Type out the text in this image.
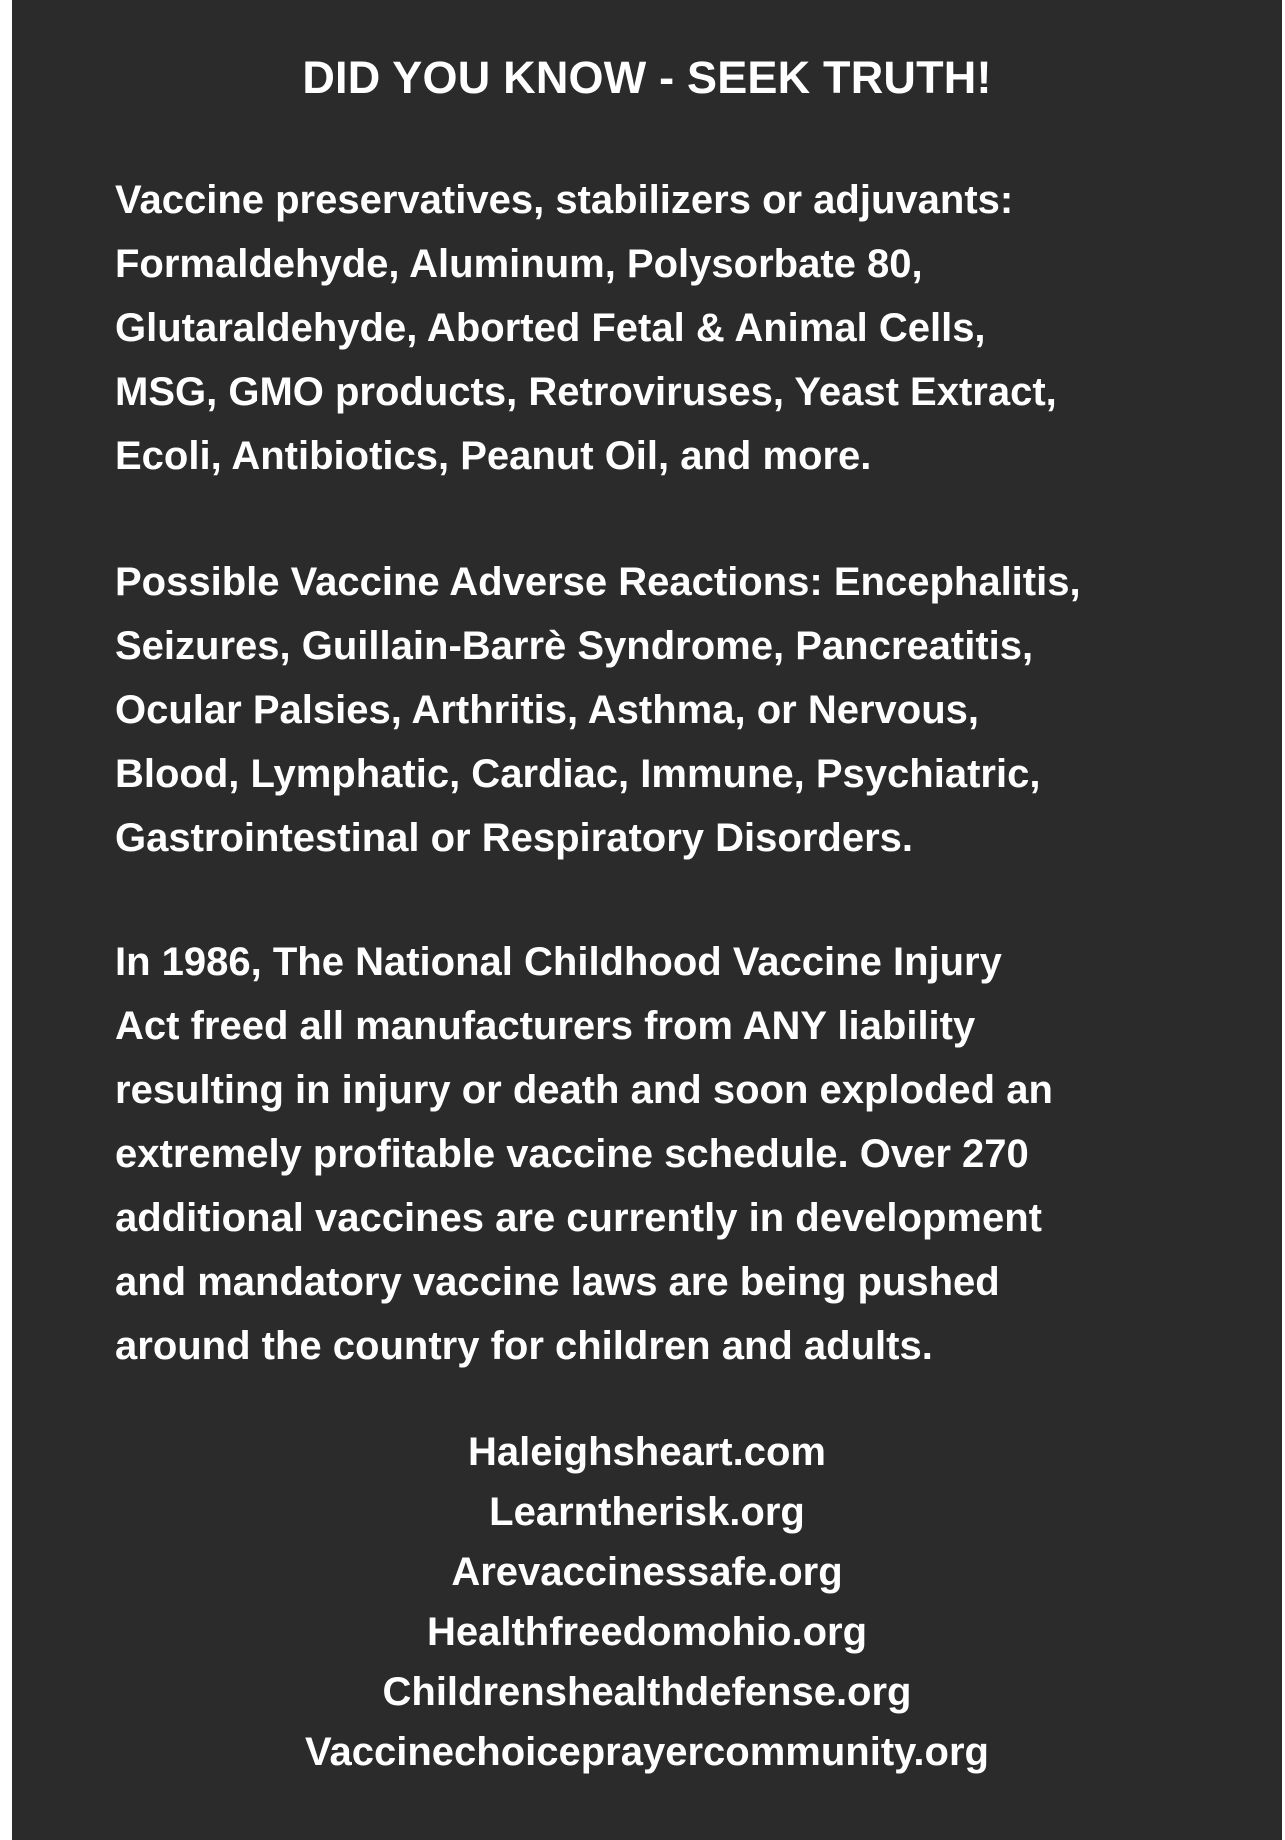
DID YOU KNOW - SEEK TRUTH!
Vaccine preservatives, stabilizers or adjuvants:
Formaldehyde, Aluminum, Polysorbate 80,
Glutaraldehyde, Aborted Fetal & Animal Cells,
MSG, GMO products, Retroviruses, Yeast Extract,
Ecoli, Antibiotics, Peanut Oil, and more.
Possible Vaccine Adverse Reactions: Encephalitis,
Seizures, Guillain-Barrè Syndrome, Pancreatitis,
Ocular Palsies, Arthritis, Asthma, or Nervous,
Blood, Lymphatic, Cardiac, Immune, Psychiatric,
Gastrointestinal or Respiratory Disorders.
In 1986, The National Childhood Vaccine Injury
Act freed all manufacturers from ANY liability
resulting in injury or death and soon exploded an
extremely profitable vaccine schedule. Over 270
additional vaccines are currently in development
and mandatory vaccine laws are being pushed
around the country for children and adults.
Haleighsheart.com
Learntherisk.org
Arevaccinessafe.org
Healthfreedomohio.org
Childrenshealthdefense.org
Vaccinechoiceprayercommunity.org
